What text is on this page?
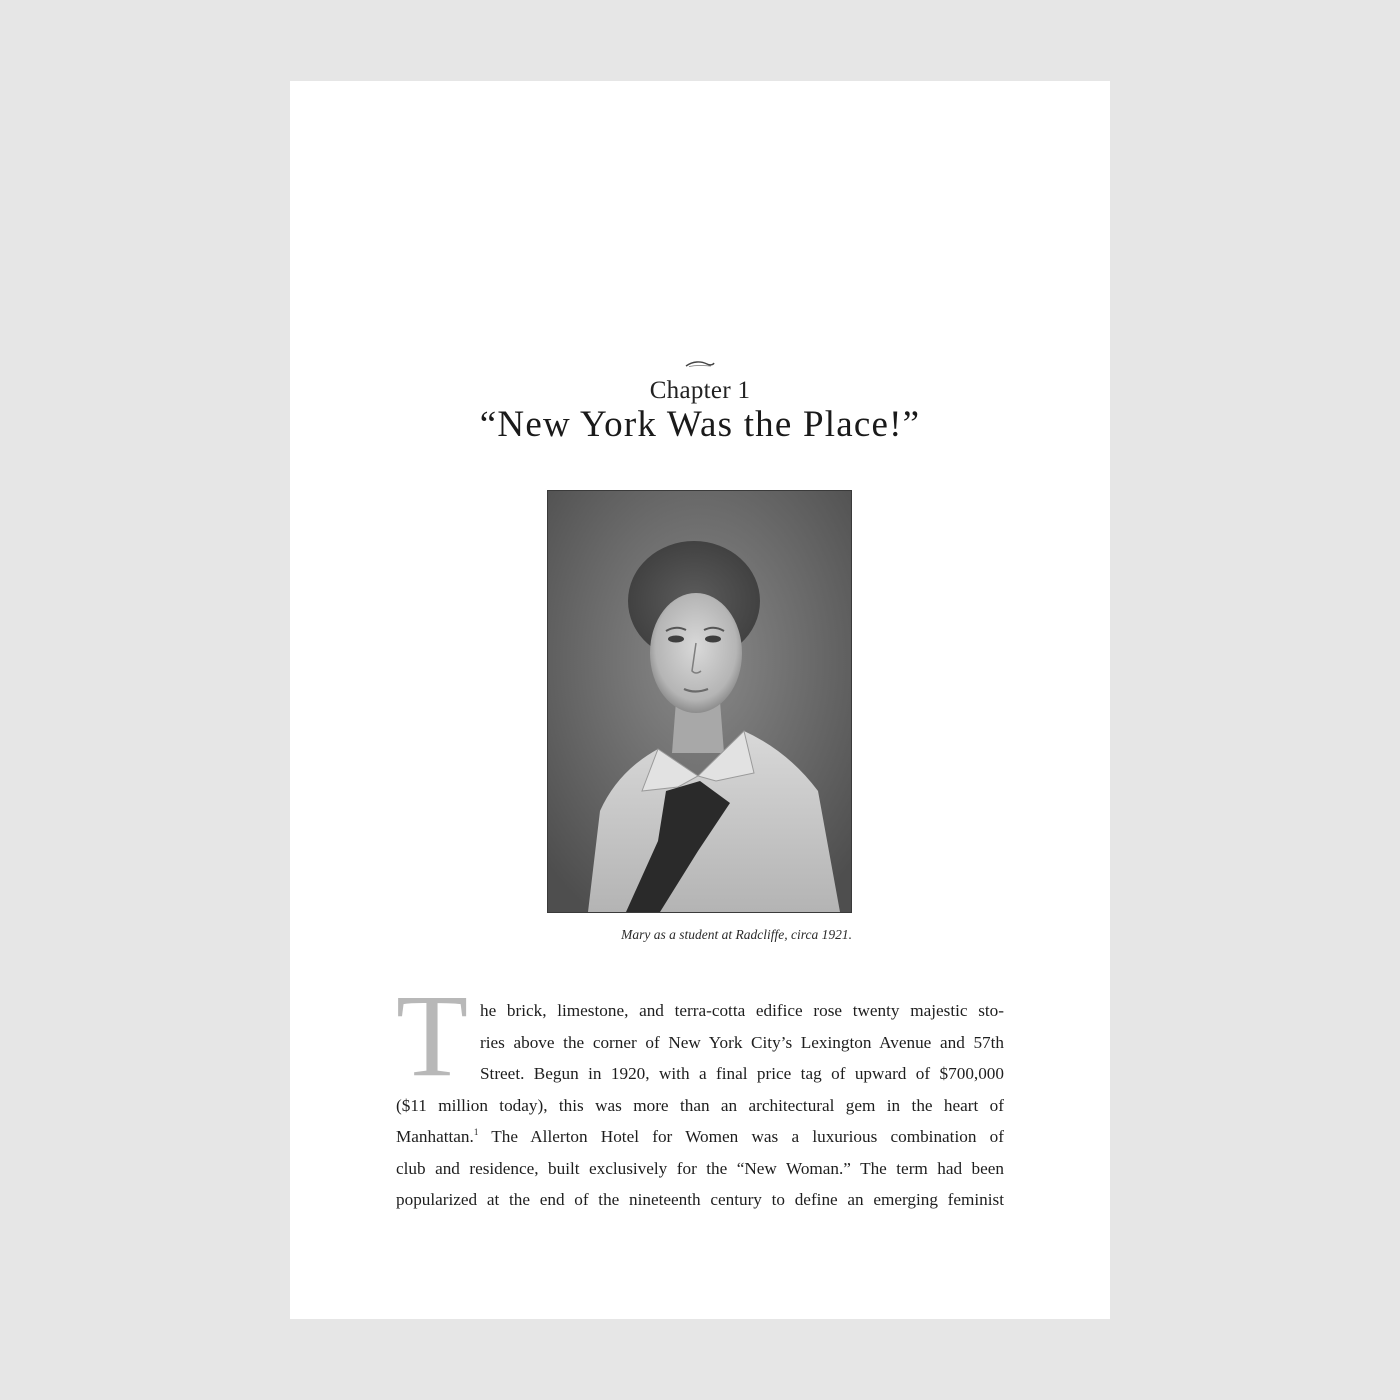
Chapter 1
“New York Was the Place!”
Mary as a student at Radcliffe, circa 1921.
T he brick, limestone, and terra-cotta edifice rose twenty majestic sto-
ries above the corner of New York City’s Lexington Avenue and 57th
Street. Begun in 1920, with a final price tag of upward of $700,000
($11 million today), this was more than an architectural gem in the heart of
Manhattan.$^1$ The Allerton Hotel for Women was a luxurious combination of
club and residence, built exclusively for the “New Woman.” The term had been
popularized at the end of the nineteenth century to define an emerging feminist
